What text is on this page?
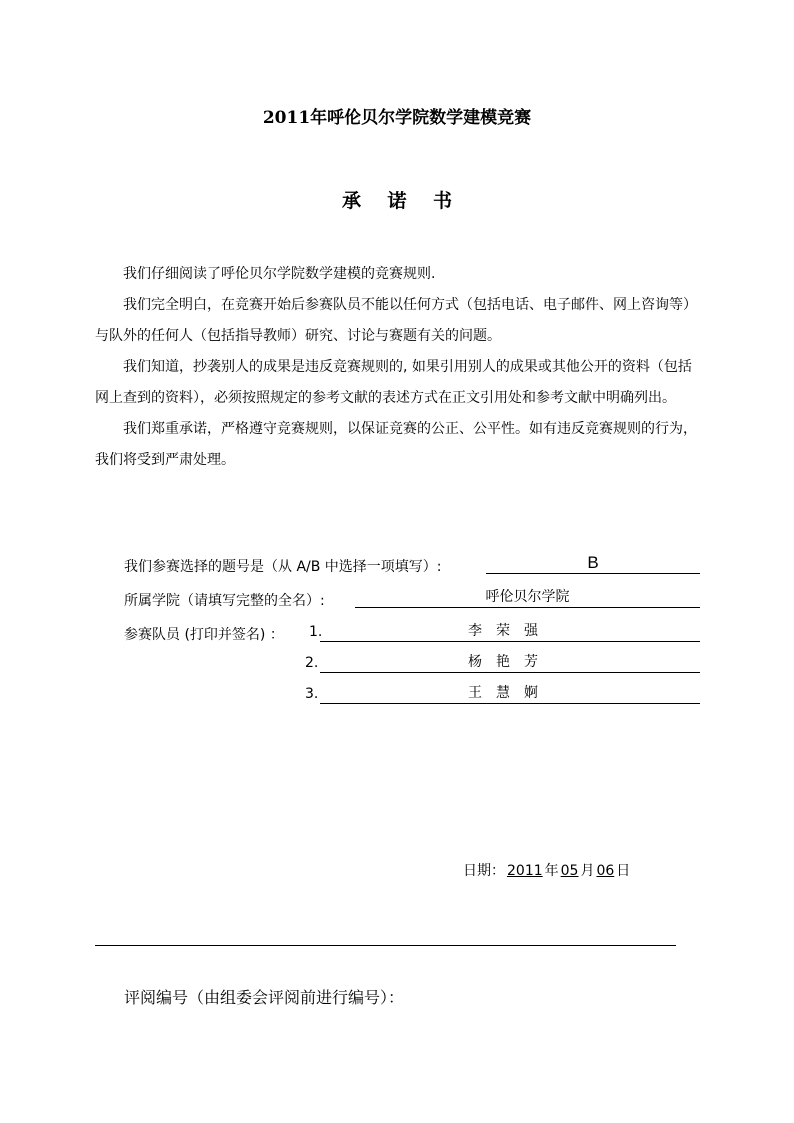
2011年呼伦贝尔学院数学建模竞赛
承    诺    书

我们仔细阅读了呼伦贝尔学院数学建模的竞赛规则.

我们完全明白，在竞赛开始后参赛队员不能以任何方式（包括电话、电子邮件、网上咨询等）与队外的任何人（包括指导教师）研究、讨论与赛题有关的问题。

我们知道，抄袭别人的成果是违反竞赛规则的, 如果引用别人的成果或其他公开的资料（包括网上查到的资料），必须按照规定的参考文献的表述方式在正文引用处和参考文献中明确列出。

我们郑重承诺，严格遵守竞赛规则，以保证竞赛的公正、公平性。如有违反竞赛规则的行为，我们将受到严肃处理。

我们参赛选择的题号是（从 A/B 中选择一项填写）:	B
所属学院（请填写完整的全名）:	呼伦贝尔学院
参赛队员 (打印并签名) ： 1.	李荣强
2.	杨艳芳
3.	王慧婀
日期： 2011 年 05 月 06 日
评阅编号（由组委会评阅前进行编号）：
